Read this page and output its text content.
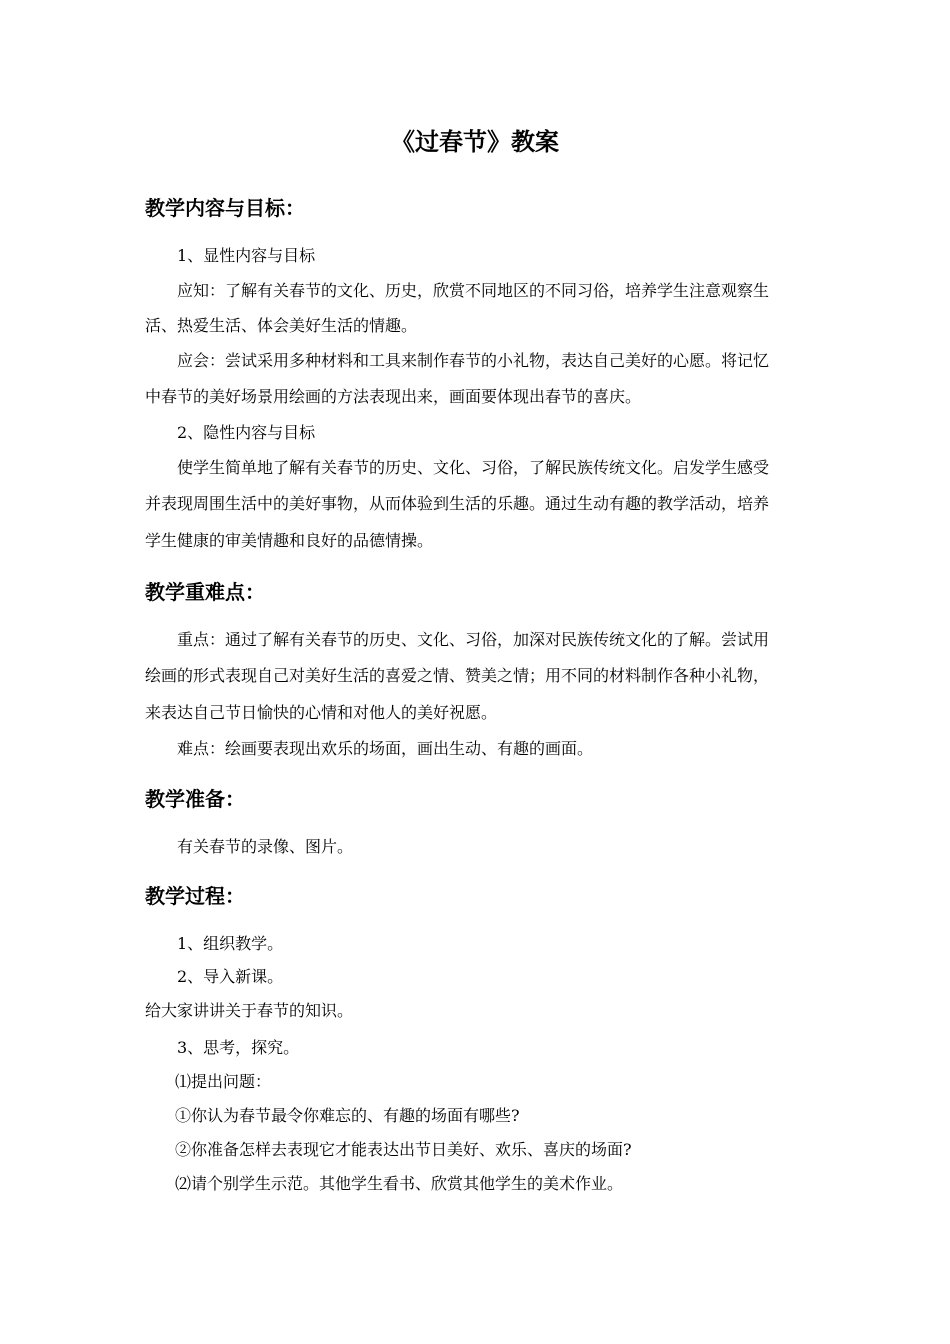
《过春节》教案
教学内容与目标：
1、显性内容与目标
应知：了解有关春节的文化、历史，欣赏不同地区的不同习俗，培养学生注意观察生
活、热爱生活、体会美好生活的情趣。
应会：尝试采用多种材料和工具来制作春节的小礼物，表达自己美好的心愿。将记忆
中春节的美好场景用绘画的方法表现出来，画面要体现出春节的喜庆。
2、隐性内容与目标
使学生简单地了解有关春节的历史、文化、习俗，了解民族传统文化。启发学生感受
并表现周围生活中的美好事物，从而体验到生活的乐趣。通过生动有趣的教学活动，培养
学生健康的审美情趣和良好的品德情操。
教学重难点：
重点：通过了解有关春节的历史、文化、习俗，加深对民族传统文化的了解。尝试用
绘画的形式表现自己对美好生活的喜爱之情、赞美之情；用不同的材料制作各种小礼物，
来表达自己节日愉快的心情和对他人的美好祝愿。
难点：绘画要表现出欢乐的场面，画出生动、有趣的画面。
教学准备：
有关春节的录像、图片。
教学过程：
1、组织教学。
2、导入新课。
给大家讲讲关于春节的知识。
3、思考，探究。
⑴提出问题：
①你认为春节最令你难忘的、有趣的场面有哪些?
②你准备怎样去表现它才能表达出节日美好、欢乐、喜庆的场面?
⑵请个别学生示范。其他学生看书、欣赏其他学生的美术作业。
